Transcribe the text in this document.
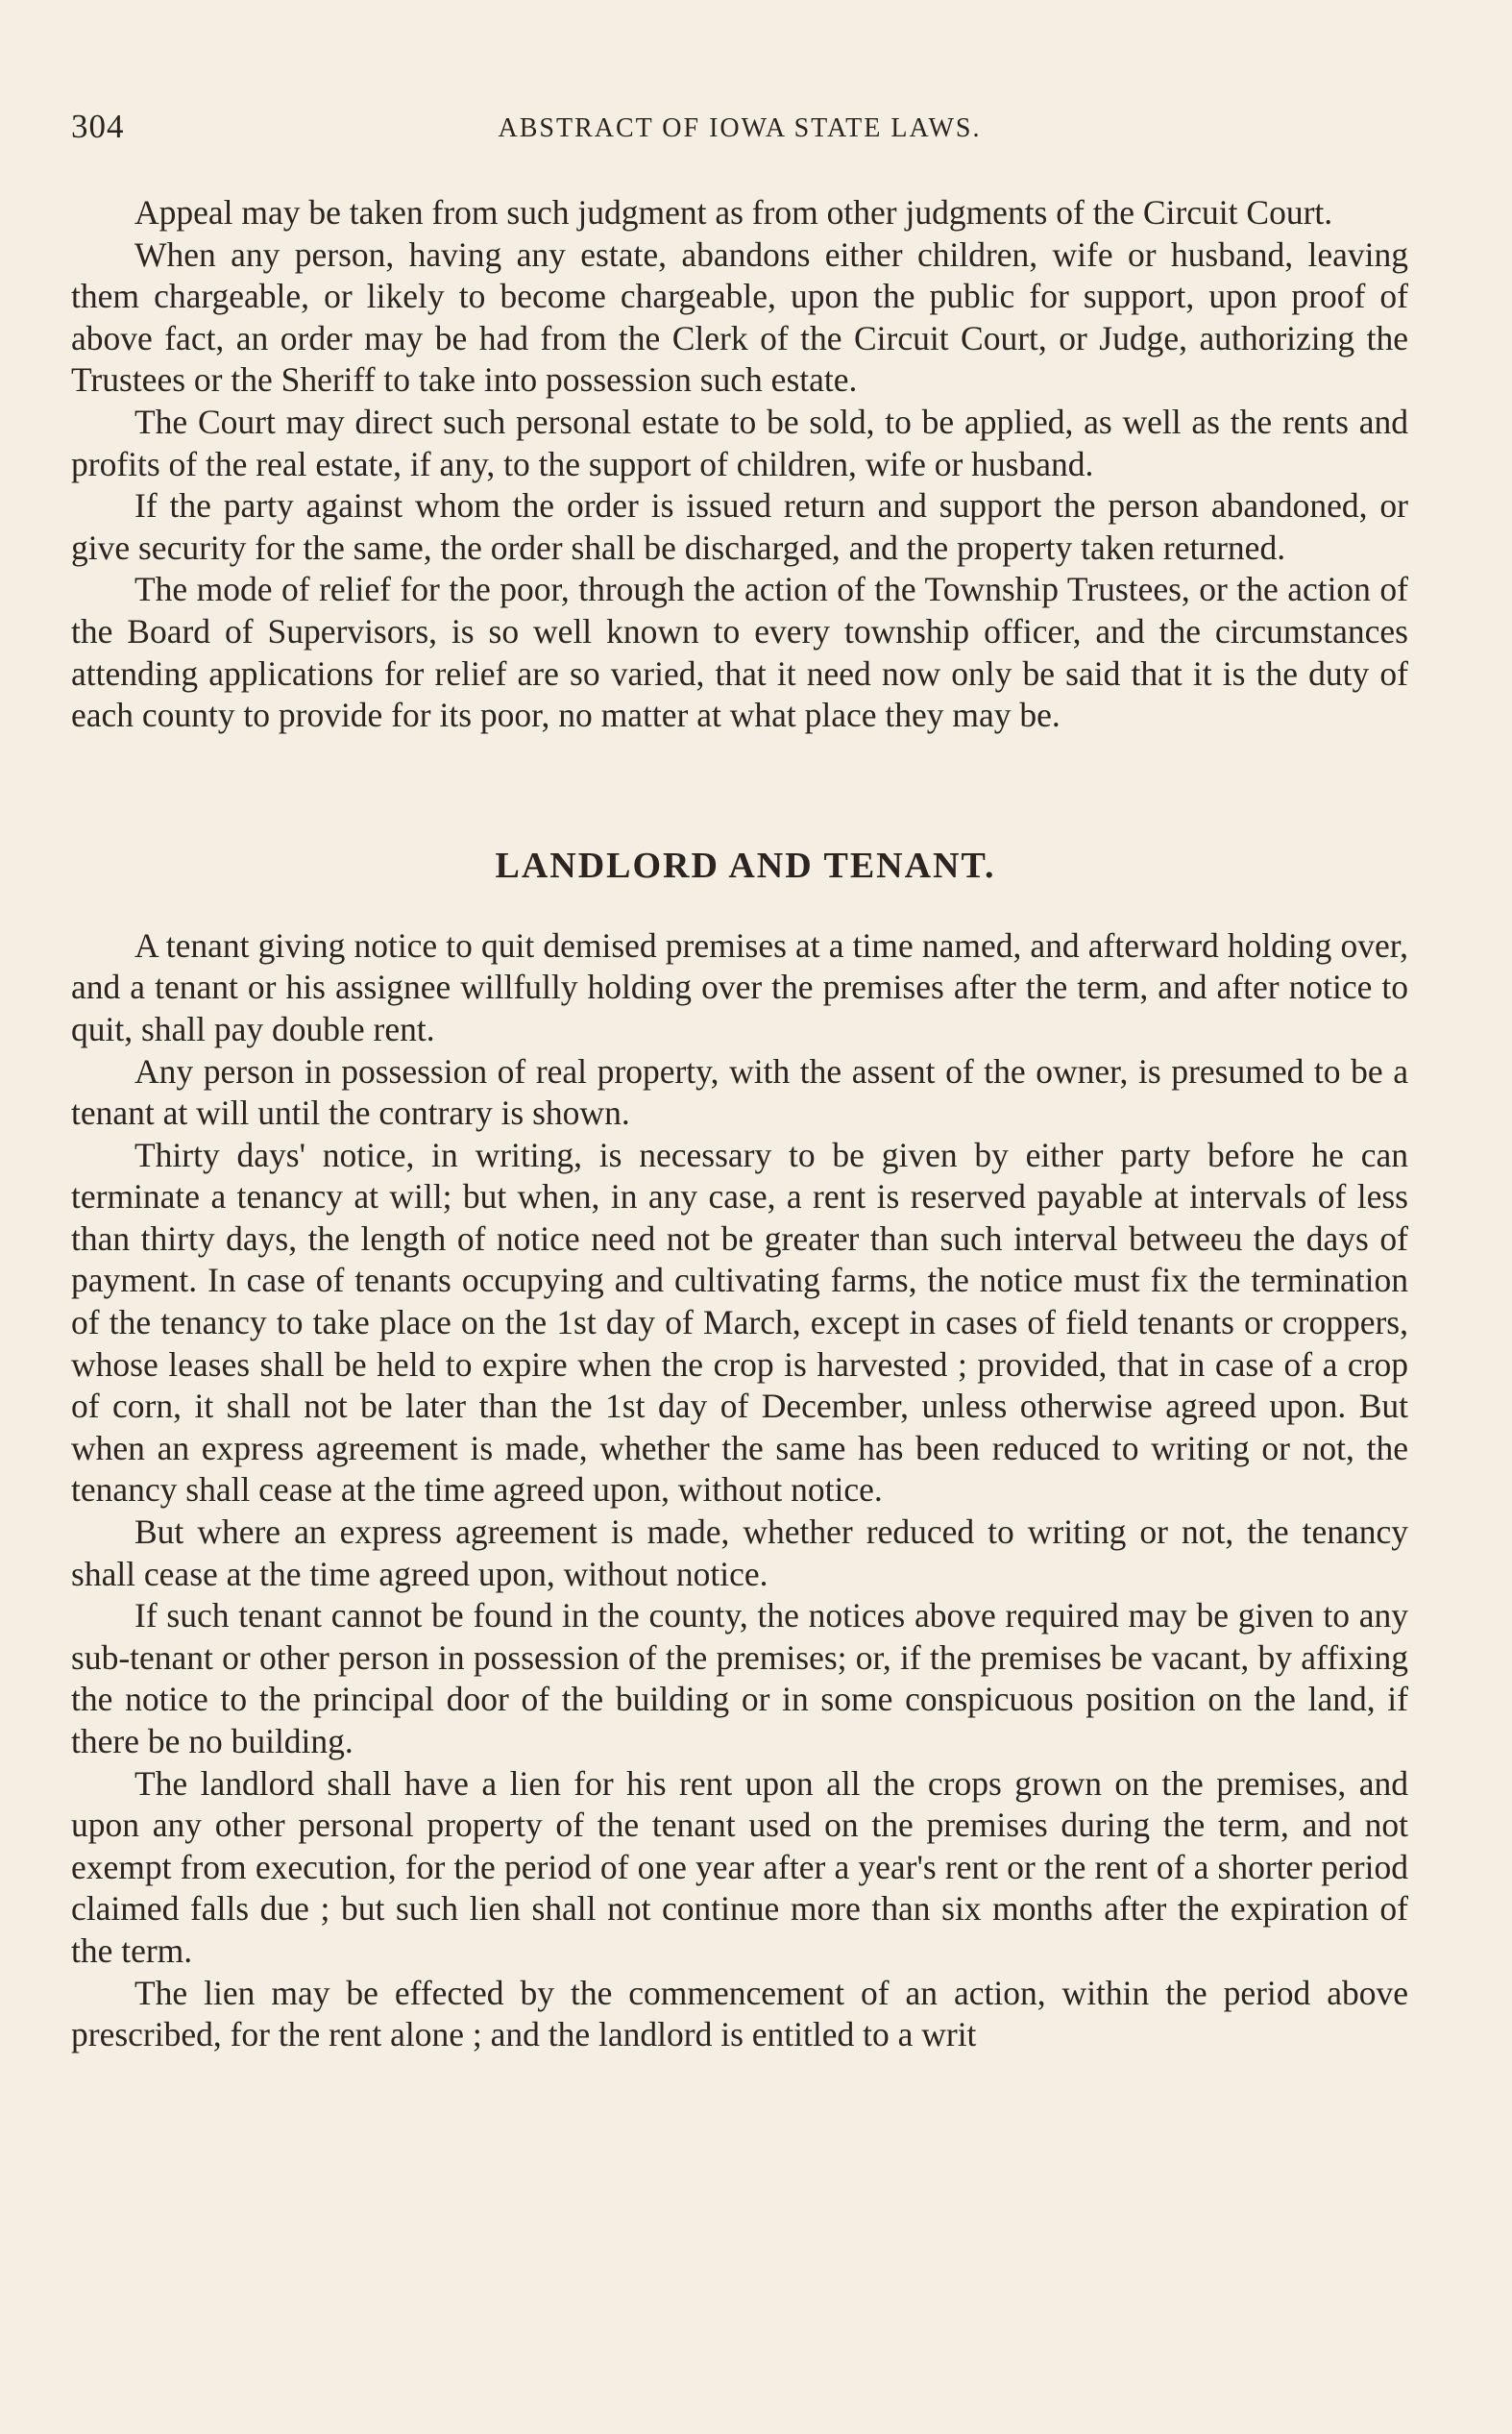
304	ABSTRACT OF IOWA STATE LAWS.

Appeal may be taken from such judgment as from other judgments of the Circuit Court.

When any person, having any estate, abandons either children, wife or husband, leaving them chargeable, or likely to become chargeable, upon the public for support, upon proof of above fact, an order may be had from the Clerk of the Circuit Court, or Judge, authorizing the Trustees or the Sheriff to take into possession such estate.

The Court may direct such personal estate to be sold, to be applied, as well as the rents and profits of the real estate, if any, to the support of children, wife or husband.

If the party against whom the order is issued return and support the person abandoned, or give security for the same, the order shall be discharged, and the property taken returned.

The mode of relief for the poor, through the action of the Township Trustees, or the action of the Board of Supervisors, is so well known to every township officer, and the circumstances attending applications for relief are so varied, that it need now only be said that it is the duty of each county to provide for its poor, no matter at what place they may be.

LANDLORD AND TENANT.

A tenant giving notice to quit demised premises at a time named, and afterward holding over, and a tenant or his assignee willfully holding over the premises after the term, and after notice to quit, shall pay double rent.

Any person in possession of real property, with the assent of the owner, is presumed to be a tenant at will until the contrary is shown.

Thirty days' notice, in writing, is necessary to be given by either party before he can terminate a tenancy at will; but when, in any case, a rent is reserved payable at intervals of less than thirty days, the length of notice need not be greater than such interval betweeu the days of payment. In case of tenants occupying and cultivating farms, the notice must fix the termination of the tenancy to take place on the 1st day of March, except in cases of field tenants or croppers, whose leases shall be held to expire when the crop is harvested ; provided, that in case of a crop of corn, it shall not be later than the 1st day of December, unless otherwise agreed upon. But when an express agreement is made, whether the same has been reduced to writing or not, the tenancy shall cease at the time agreed upon, without notice.

But where an express agreement is made, whether reduced to writing or not, the tenancy shall cease at the time agreed upon, without notice.

If such tenant cannot be found in the county, the notices above required may be given to any sub-tenant or other person in possession of the premises; or, if the premises be vacant, by affixing the notice to the principal door of the building or in some conspicuous position on the land, if there be no building.

The landlord shall have a lien for his rent upon all the crops grown on the premises, and upon any other personal property of the tenant used on the premises during the term, and not exempt from execution, for the period of one year after a year's rent or the rent of a shorter period claimed falls due ; but such lien shall not continue more than six months after the expiration of the term.

The lien may be effected by the commencement of an action, within the period above prescribed, for the rent alone ; and the landlord is entitled to a writ
